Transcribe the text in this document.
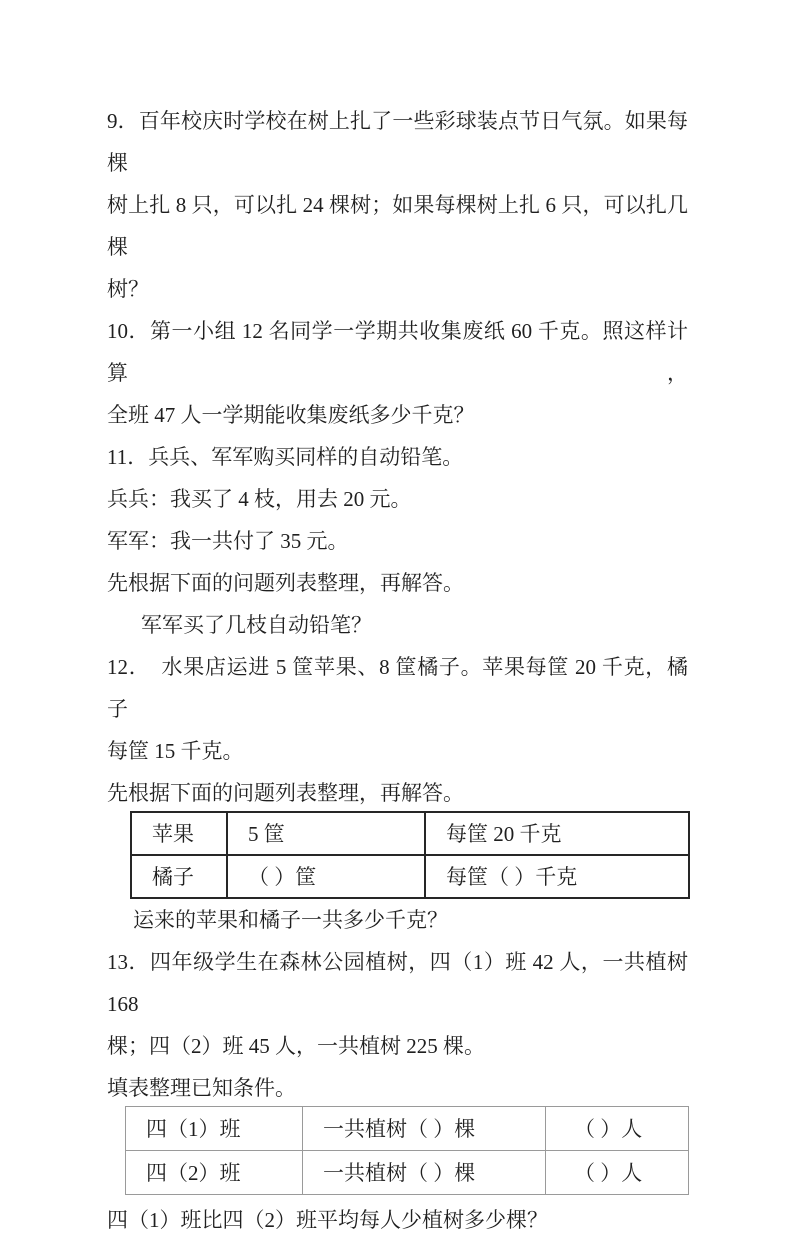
9．百年校庆时学校在树上扎了一些彩球装点节日气氛。如果每棵
树上扎 8 只，可以扎 24 棵树；如果每棵树上扎 6 只，可以扎几棵
树？
10．第一小组 12 名同学一学期共收集废纸 60 千克。照这样计算，
全班 47 人一学期能收集废纸多少千克？
11．兵兵、军军购买同样的自动铅笔。
兵兵：我买了 4 枝，用去 20 元。
军军：我一共付了 35 元。
先根据下面的问题列表整理，再解答。
军军买了几枝自动铅笔？
12．　水果店运进 5 筐苹果、8 筐橘子。苹果每筐 20 千克，橘子
每筐 15 千克。
先根据下面的问题列表整理，再解答。
苹果	5 筐	每筐 20 千克
橘子	（ ）筐	每筐（ ）千克
运来的苹果和橘子一共多少千克？
13．四年级学生在森林公园植树，四（1）班 42 人，一共植树 168
棵；四（2）班 45 人，一共植树 225 棵。
填表整理已知条件。
四（1）班	一共植树（ ）棵	（ ）人
四（2）班	一共植树（ ）棵	（ ）人
四（1）班比四（2）班平均每人少植树多少棵？
